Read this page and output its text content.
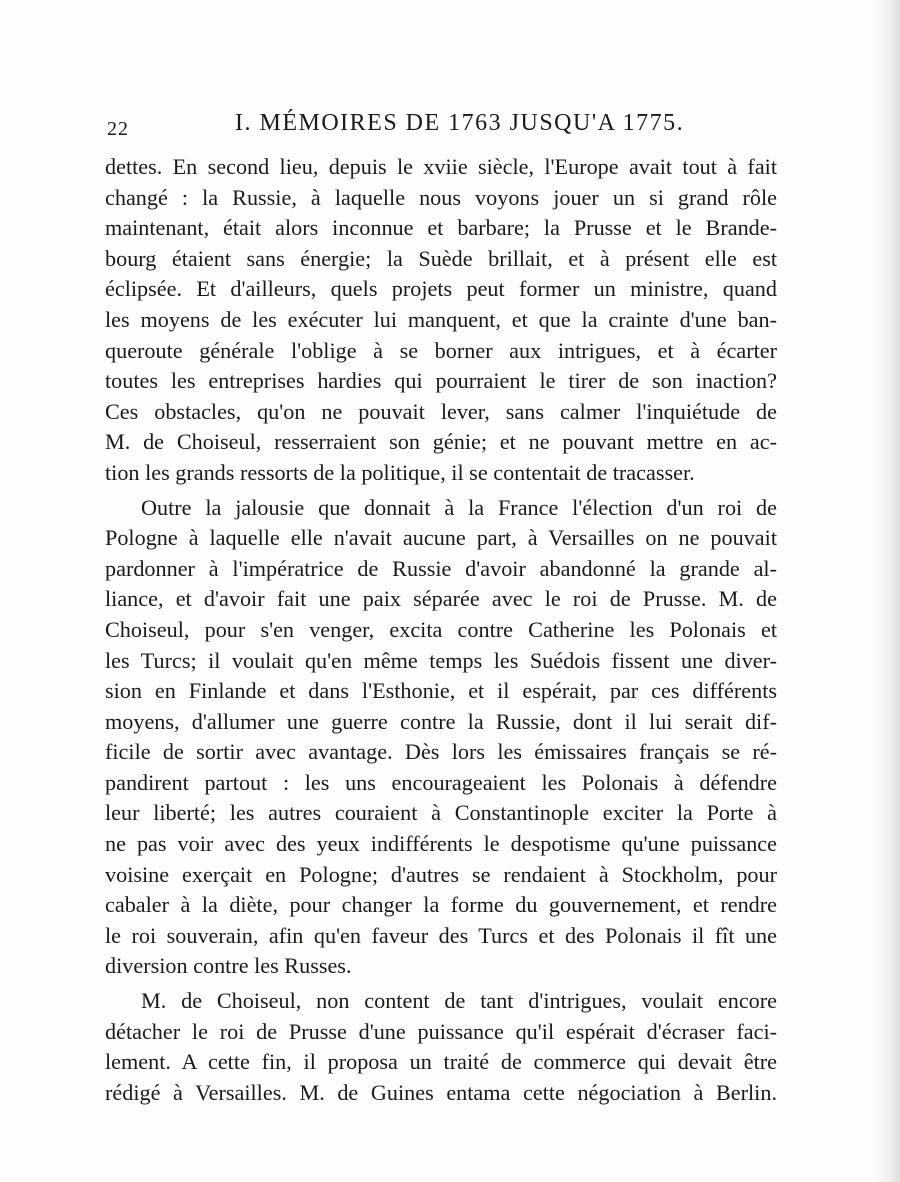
22	I. MÉMOIRES DE 1763 JUSQU'A 1775.
dettes. En second lieu, depuis le xviie siècle, l'Europe avait tout à fait
changé : la Russie, à laquelle nous voyons jouer un si grand rôle
maintenant, était alors inconnue et barbare; la Prusse et le Brande-
bourg étaient sans énergie; la Suède brillait, et à présent elle est
éclipsée. Et d'ailleurs, quels projets peut former un ministre, quand
les moyens de les exécuter lui manquent, et que la crainte d'une ban-
queroute générale l'oblige à se borner aux intrigues, et à écarter
toutes les entreprises hardies qui pourraient le tirer de son inaction?
Ces obstacles, qu'on ne pouvait lever, sans calmer l'inquiétude de
M. de Choiseul, resserraient son génie; et ne pouvant mettre en ac-
tion les grands ressorts de la politique, il se contentait de tracasser.
Outre la jalousie que donnait à la France l'élection d'un roi de
Pologne à laquelle elle n'avait aucune part, à Versailles on ne pouvait
pardonner à l'impératrice de Russie d'avoir abandonné la grande al-
liance, et d'avoir fait une paix séparée avec le roi de Prusse. M. de
Choiseul, pour s'en venger, excita contre Catherine les Polonais et
les Turcs; il voulait qu'en même temps les Suédois fissent une diver-
sion en Finlande et dans l'Esthonie, et il espérait, par ces différents
moyens, d'allumer une guerre contre la Russie, dont il lui serait dif-
ficile de sortir avec avantage. Dès lors les émissaires français se ré-
pandirent partout : les uns encourageaient les Polonais à défendre
leur liberté; les autres couraient à Constantinople exciter la Porte à
ne pas voir avec des yeux indifférents le despotisme qu'une puissance
voisine exerçait en Pologne; d'autres se rendaient à Stockholm, pour
cabaler à la diète, pour changer la forme du gouvernement, et rendre
le roi souverain, afin qu'en faveur des Turcs et des Polonais il fît une
diversion contre les Russes.
M. de Choiseul, non content de tant d'intrigues, voulait encore
détacher le roi de Prusse d'une puissance qu'il espérait d'écraser faci-
lement. A cette fin, il proposa un traité de commerce qui devait être
rédigé à Versailles. M. de Guines entama cette négociation à Berlin.
